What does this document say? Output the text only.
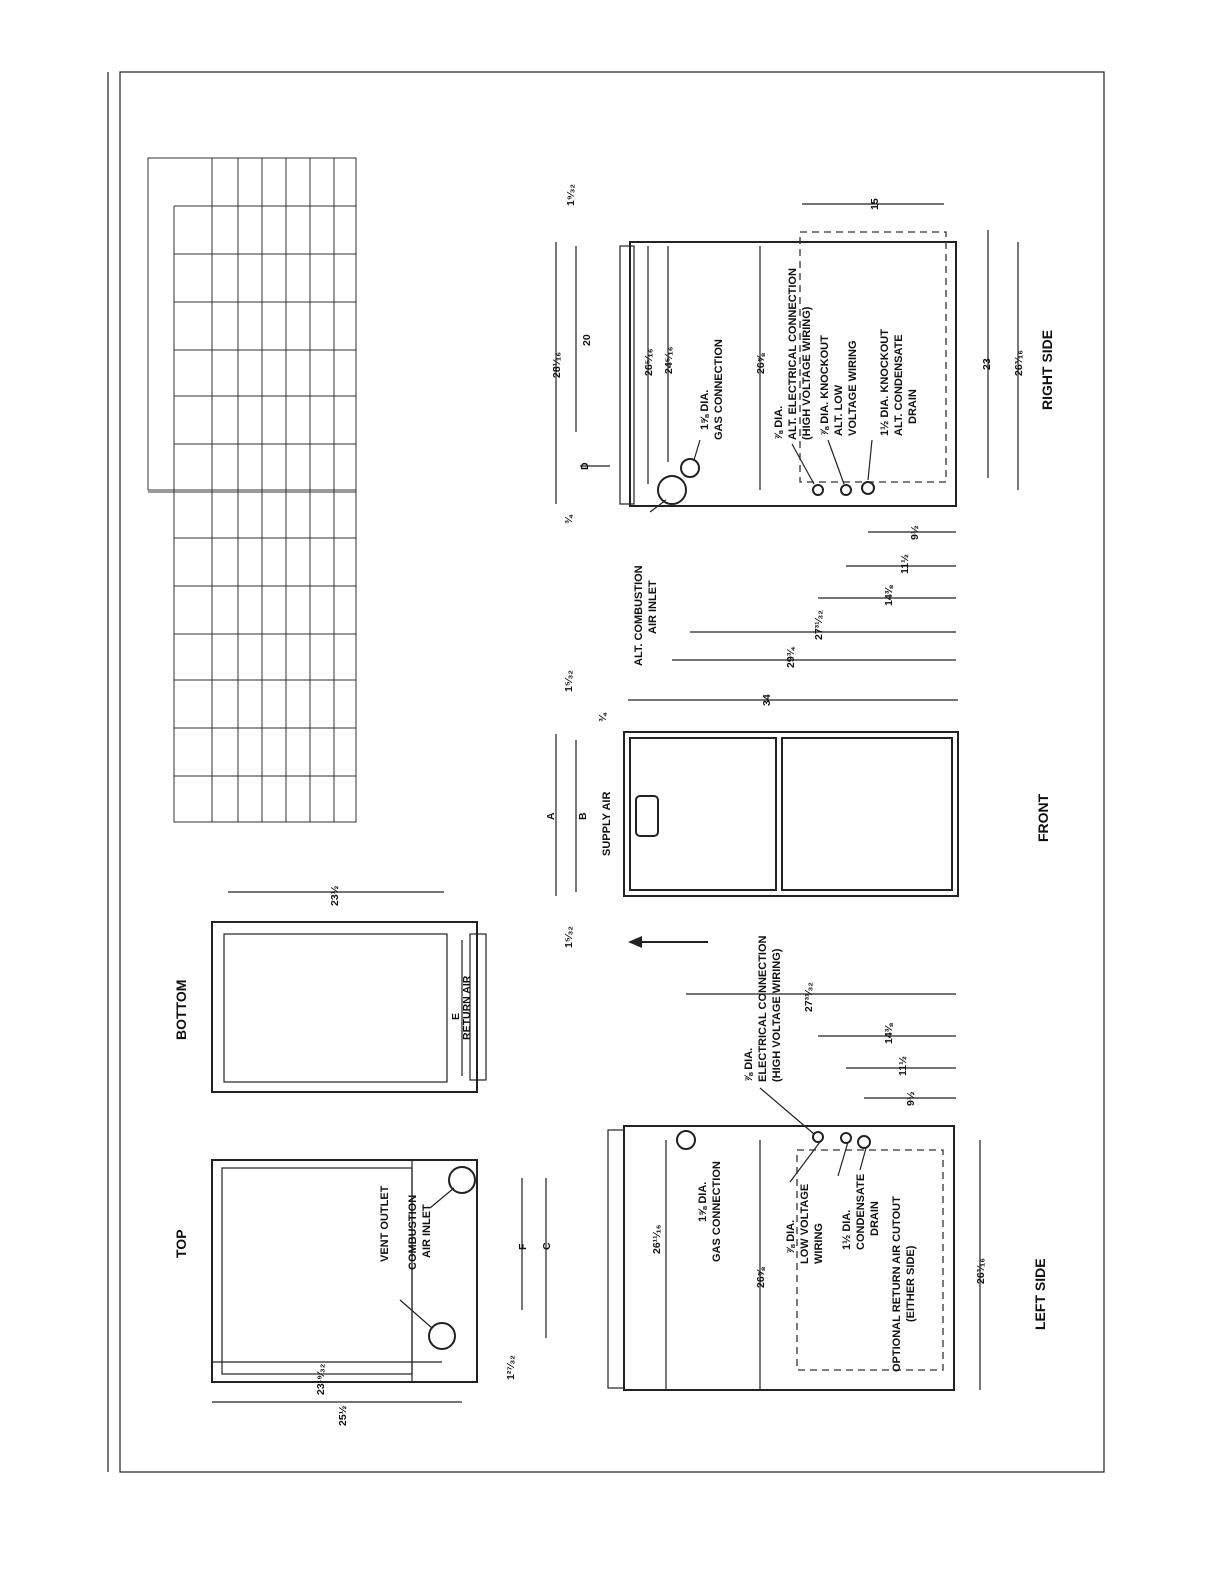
TOP	VENT OUTLET COMBUSTION AIR INLET
23¹⁹⁄₃₂
25½
1²⁷⁄₃₂
F C
BOTTOM
23½
E RETURN AIR
LEFT SIDE
1⅝ DIA. GAS CONNECTION
⅞ DIA. ELECTRICAL CONNECTION (HIGH VOLTAGE WIRING)
⅞ DIA. LOW VOLTAGE WIRING 1½ DIA. CONDENSATE DRAIN OPTIONAL RETURN AIR CUTOUT (EITHER SIDE)
26¹¹⁄₁₆
26⅝	26³⁄₁₆
27³¹⁄₃₂
14⅜
11½
9½
FRONT
SUPPLY AIR
A B
1⁵⁄₃₂
1⁵⁄₃₂
¾
34
RIGHT SIDE
ALT. COMBUSTION AIR INLET
1⅝ DIA. GAS CONNECTION	⅞ DIA. ALT. ELECTRICAL CONNECTION (HIGH VOLTAGE WIRING) ⅞ DIA. KNOCKOUT ALT. LOW VOLTAGE WIRING 1½ DIA. KNOCKOUT ALT. CONDENSATE DRAIN
28¹⁄₁₆
20
26⁵⁄₁₆ 24⁵⁄₁₆	26⅝
D
¾
1⁹⁄₃₂	15
23 26³⁄₁₆
9½
11½
14⅜
27³¹⁄₃₂
29¾
